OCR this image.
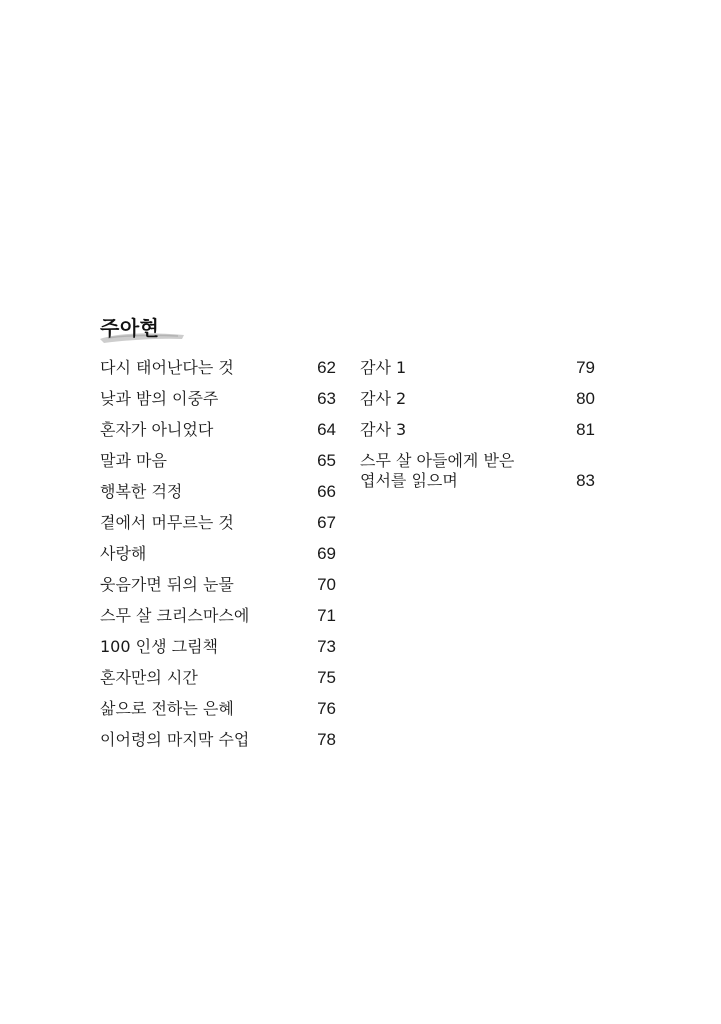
주아현
다시 태어난다는 것	62
낮과 밤의 이중주	63
혼자가 아니었다	64
말과 마음	65
행복한 걱정	66
곁에서 머무르는 것	67
사랑해	69
웃음가면 뒤의 눈물	70
스무 살 크리스마스에	71
100 인생 그림책	73
혼자만의 시간	75
삶으로 전하는 은혜	76
이어령의 마지막 수업	78
감사 1	79
감사 2	80
감사 3	81
스무 살 아들에게 받은
엽서를 읽으며	83
